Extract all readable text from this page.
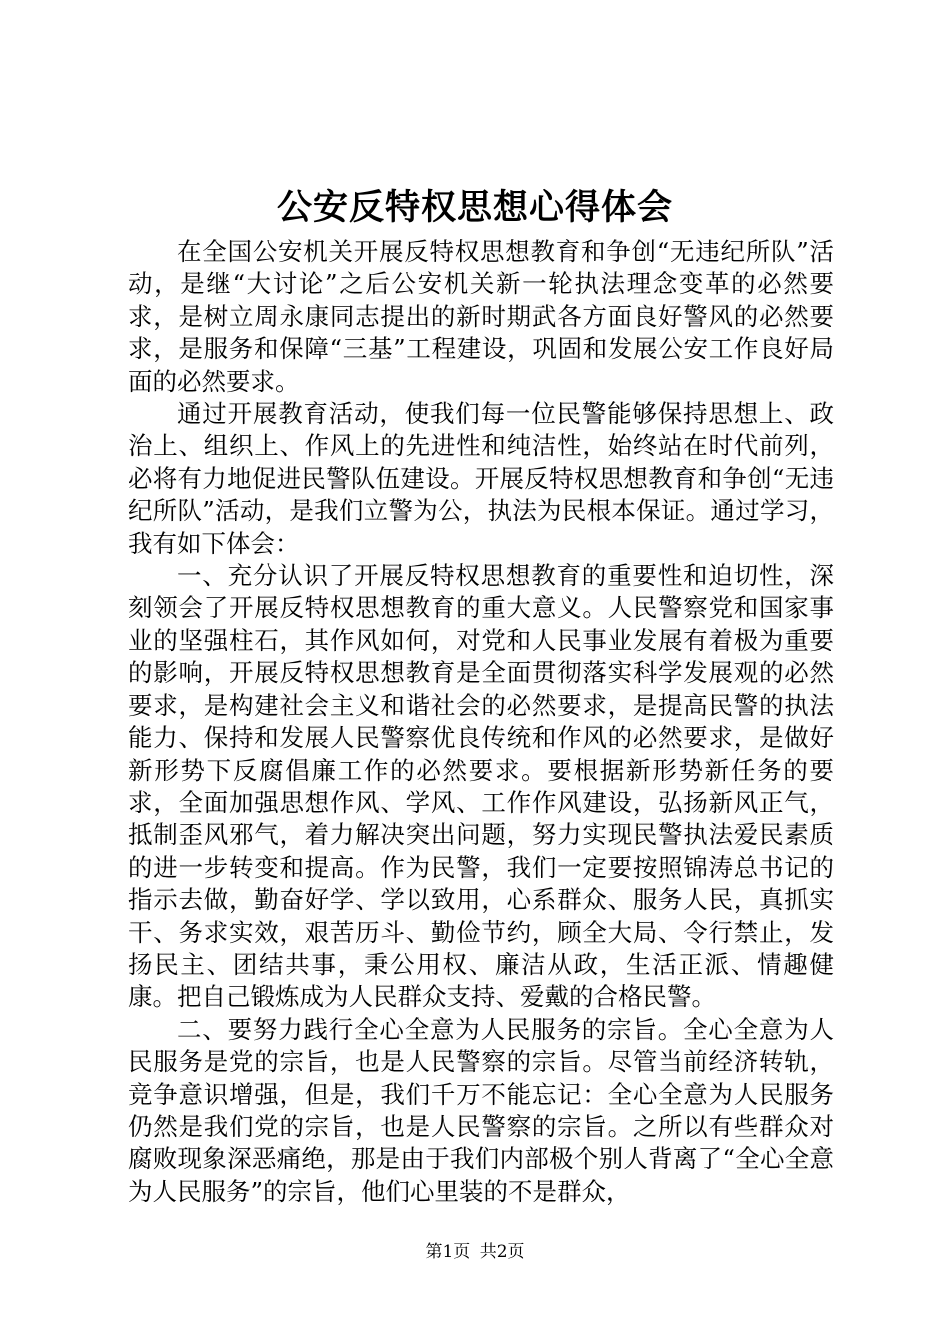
公安反特权思想心得体会

在全国公安机关开展反特权思想教育和争创“无违纪所队”活动，是继“大讨论”之后公安机关新一轮执法理念变革的必然要求，是树立周永康同志提出的新时期武各方面良好警风的必然要求，是服务和保障“三基”工程建设，巩固和发展公安工作良好局面的必然要求。

通过开展教育活动，使我们每一位民警能够保持思想上、政治上、组织上、作风上的先进性和纯洁性，始终站在时代前列，必将有力地促进民警队伍建设。开展反特权思想教育和争创“无违纪所队”活动，是我们立警为公，执法为民根本保证。通过学习，我有如下体会：

一、充分认识了开展反特权思想教育的重要性和迫切性，深刻领会了开展反特权思想教育的重大意义。人民警察党和国家事业的坚强柱石，其作风如何，对党和人民事业发展有着极为重要的影响，开展反特权思想教育是全面贯彻落实科学发展观的必然要求，是构建社会主义和谐社会的必然要求，是提高民警的执法能力、保持和发展人民警察优良传统和作风的必然要求，是做好新形势下反腐倡廉工作的必然要求。要根据新形势新任务的要求，全面加强思想作风、学风、工作作风建设，弘扬新风正气，抵制歪风邪气，着力解决突出问题，努力实现民警执法爱民素质的进一步转变和提高。作为民警，我们一定要按照锦涛总书记的指示去做，勤奋好学、学以致用，心系群众、服务人民，真抓实干、务求实效，艰苦历斗、勤俭节约，顾全大局、令行禁止，发扬民主、团结共事，秉公用权、廉洁从政，生活正派、情趣健康。把自己锻炼成为人民群众支持、爱戴的合格民警。

二、要努力践行全心全意为人民服务的宗旨。全心全意为人民服务是党的宗旨，也是人民警察的宗旨。尽管当前经济转轨，竞争意识增强，但是，我们千万不能忘记：全心全意为人民服务仍然是我们党的宗旨，也是人民警察的宗旨。之所以有些群众对腐败现象深恶痛绝，那是由于我们内部极个别人背离了“全心全意为人民服务”的宗旨，他们心里装的不是群众，

第1页 共2页
